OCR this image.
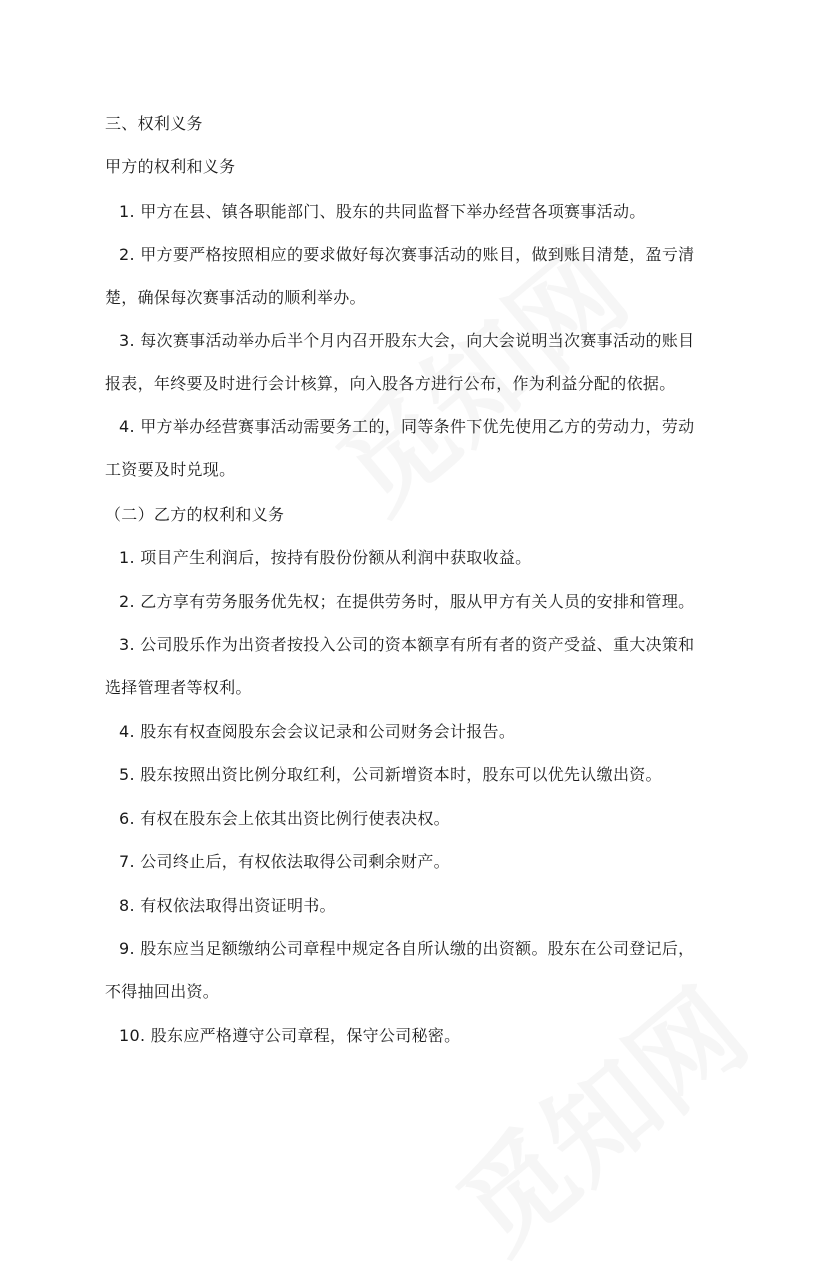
三、权利义务
甲方的权利和义务
1. 甲方在县、镇各职能部门、股东的共同监督下举办经营各项赛事活动。
2. 甲方要严格按照相应的要求做好每次赛事活动的账目，做到账目清楚，盈亏清
楚，确保每次赛事活动的顺利举办。
3. 每次赛事活动举办后半个月内召开股东大会，向大会说明当次赛事活动的账目
报表，年终要及时进行会计核算，向入股各方进行公布，作为利益分配的依据。
4. 甲方举办经营赛事活动需要务工的，同等条件下优先使用乙方的劳动力，劳动
工资要及时兑现。
（二）乙方的权利和义务
1. 项目产生利润后，按持有股份份额从利润中获取收益。
2. 乙方享有劳务服务优先权；在提供劳务时，服从甲方有关人员的安排和管理。
3. 公司股乐作为出资者按投入公司的资本额享有所有者的资产受益、重大决策和
选择管理者等权利。
4. 股东有权查阅股东会会议记录和公司财务会计报告。
5. 股东按照出资比例分取红利，公司新增资本时，股东可以优先认缴出资。
6. 有权在股东会上依其出资比例行使表决权。
7. 公司终止后，有权依法取得公司剩余财产。
8. 有权依法取得出资证明书。
9. 股东应当足额缴纳公司章程中规定各自所认缴的出资额。股东在公司登记后，
不得抽回出资。
10. 股东应严格遵守公司章程，保守公司秘密。
